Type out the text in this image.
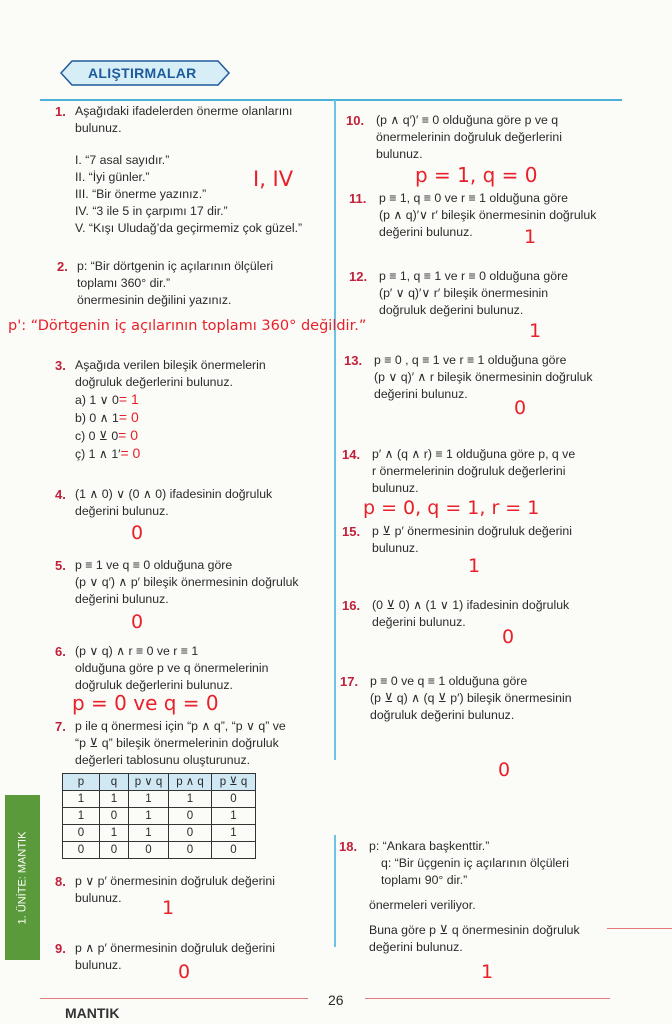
ALIŞTIRMALAR
1. Aşağıdaki ifadelerden önerme olanlarını
bulunuz.
I. “7 asal sayıdır.”
II. “İyi günler.”
III. “Bir önerme yazınız.”
IV. “3 ile 5 in çarpımı 17 dir.”
V. “Kışı Uludağ’da geçirmemiz çok güzel.”
I, IV
2. p: “Bir dörtgenin iç açılarının ölçüleri
toplamı 360° dir.”
önermesinin değilini yazınız.
p': “Dörtgenin iç açılarının toplamı 360° değildir.”
3. Aşağıda verilen bileşik önermelerin
doğruluk değerlerini bulunuz.
a) 1 ∨ 0= 1
b) 0 ∧ 1= 0
c) 0 ⊻ 0= 0
ç) 1 ∧ 1′= 0
4. (1 ∧ 0) ∨ (0 ∧ 0) ifadesinin doğruluk
değerini bulunuz.
0
5. p ≡ 1 ve q ≡ 0 olduğuna göre
(p ∨ q′) ∧ p′ bileşik önermesinin doğruluk
değerini bulunuz.
0
6. (p ∨ q) ∧ r ≡ 0 ve r ≡ 1
olduğuna göre p ve q önermelerinin
doğruluk değerlerini bulunuz.
p = 0 ve q = 0
7. p ile q önermesi için “p ∧ q”, “p ∨ q” ve
“p ⊻ q” bileşik önermelerinin doğruluk
değerleri tablosunu oluşturunuz.
8. p ∨ p′ önermesinin doğruluk değerini
bulunuz.	1
9. p ∧ p′ önermesinin doğruluk değerini
bulunuz.	0
10. (p ∧ q′)′ ≡ 0 olduğuna göre p ve q
önermelerinin doğruluk değerlerini
bulunuz.
p = 1, q = 0
11. p ≡ 1, q ≡ 0 ve r ≡ 1 olduğuna göre
(p ∧ q)′∨ r′ bileşik önermesinin doğruluk
değerini bulunuz.	1
12. p ≡ 1, q ≡ 1 ve r ≡ 0 olduğuna göre
(p′ ∨ q)′∨ r′ bileşik önermesinin
doğruluk değerini bulunuz.
1
13. p ≡ 0 , q ≡ 1 ve r ≡ 1 olduğuna göre
(p ∨ q)′ ∧ r bileşik önermesinin doğruluk
değerini bulunuz.
0
14. p′ ∧ (q ∧ r) ≡ 1 olduğuna göre p, q ve
r önermelerinin doğruluk değerlerini
bulunuz.
p = 0, q = 1, r = 1
15. p ⊻ p′ önermesinin doğruluk değerini
bulunuz.
1
16. (0 ⊻ 0) ∧ (1 ∨ 1) ifadesinin doğruluk
değerini bulunuz.
0
17. p ≡ 0 ve q ≡ 1 olduğuna göre
(p ⊻ q) ∧ (q ⊻ p′) bileşik önermesinin
doğruluk değerini bulunuz.
0
18. p: “Ankara başkenttir.”
q: “Bir üçgenin iç açılarının ölçüleri
toplamı 90° dir.”
önermeleri veriliyor.
Buna göre p ⊻ q önermesinin doğruluk
değerini bulunuz.
1
p	q	p ∨ q	p ∧ q	p ⊻ q
1	1	1	1	0
1	0	1	0	1
0	1	1	0	1
0	0	0	0	0
1. ÜNİTE: MANTIK
MANTIK
26
